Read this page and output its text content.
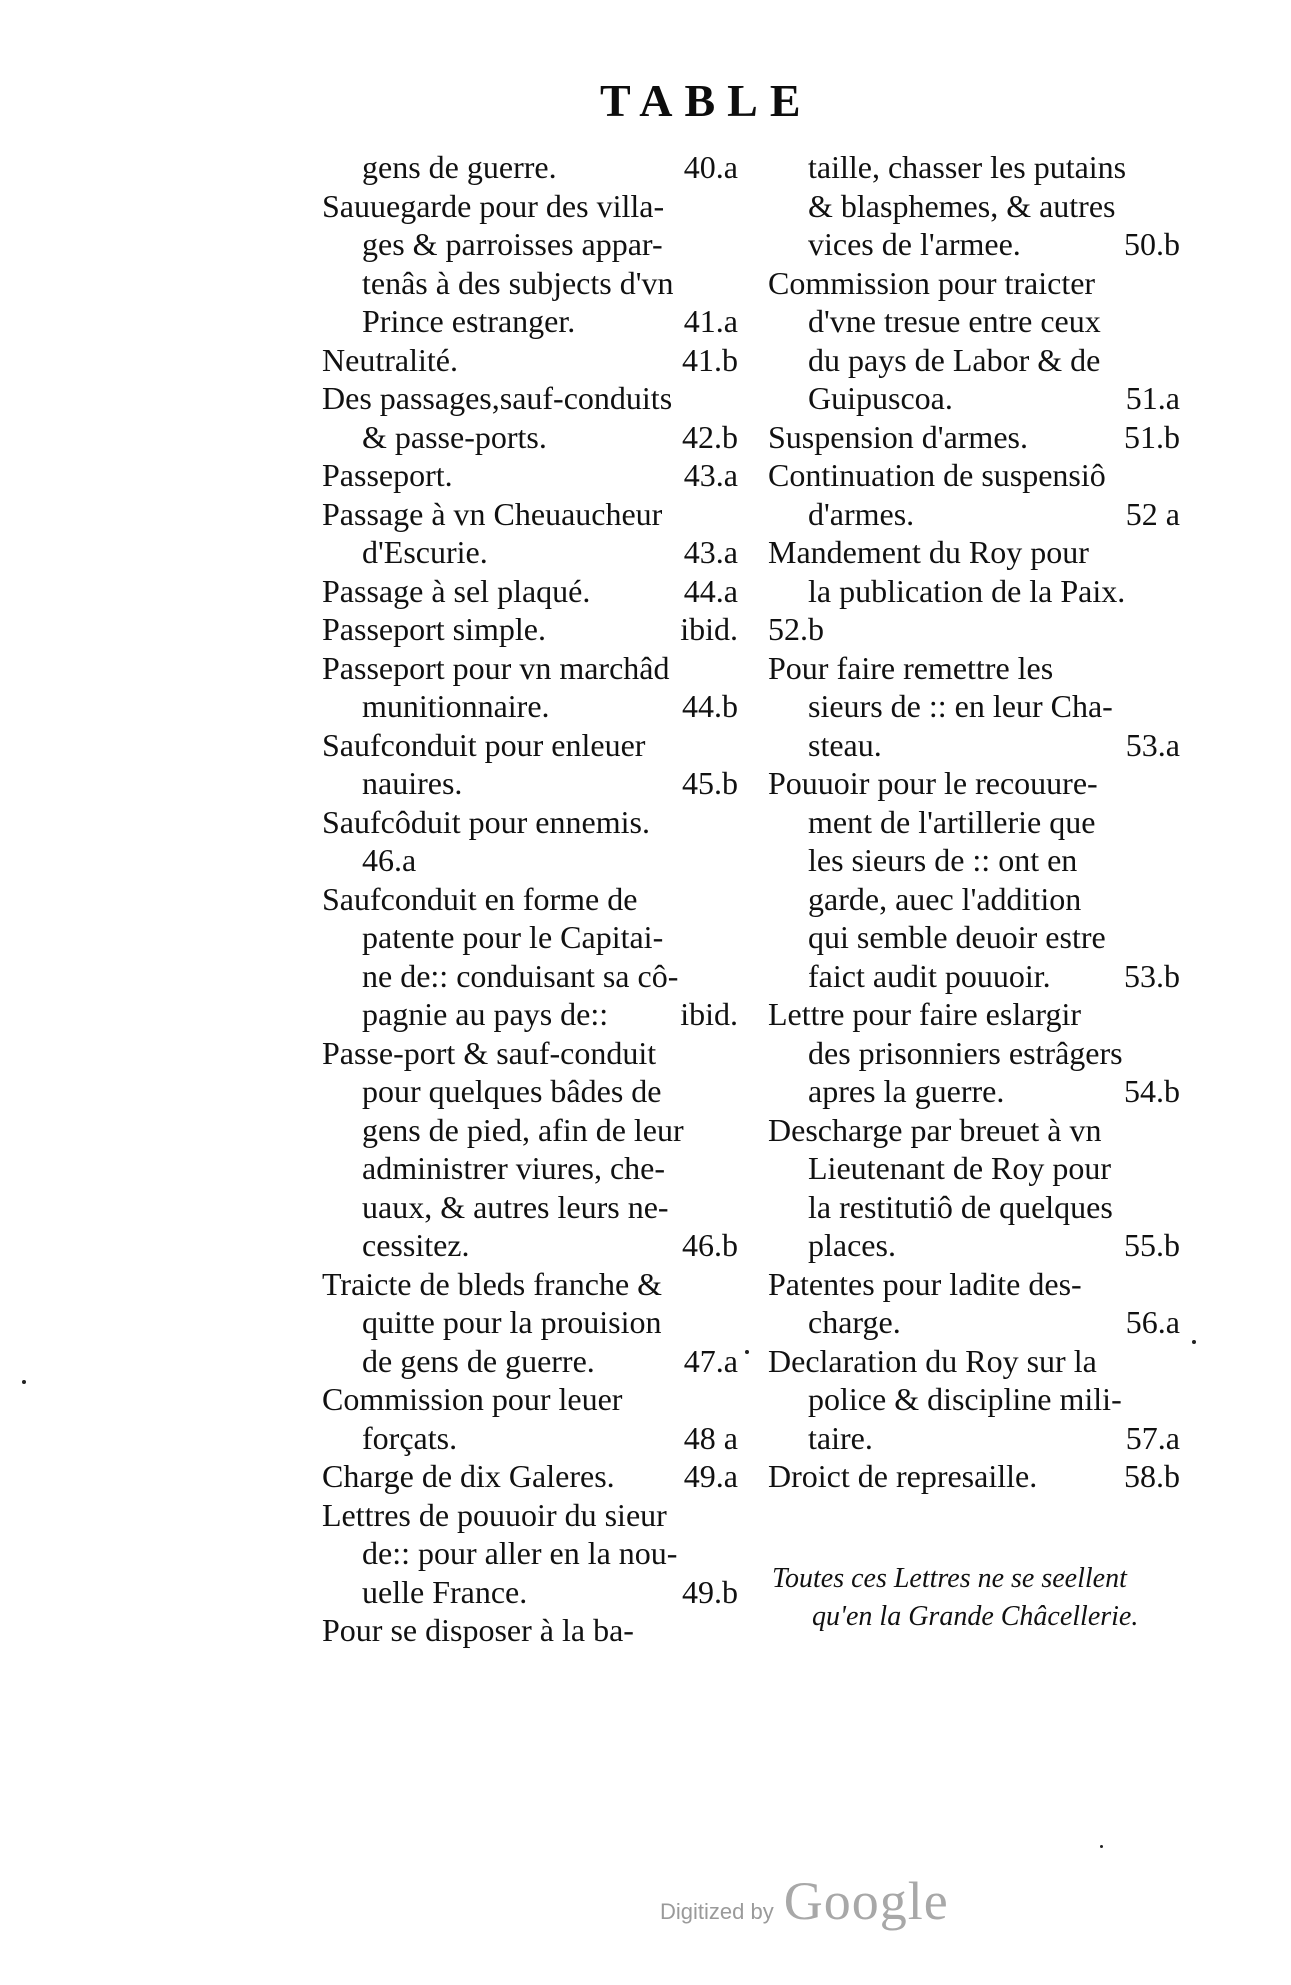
TABLE
gens de guerre.	40.a
Sauuegarde pour des villa-
ges & parroisses appar-
tenâs à des subjects d'vn
Prince estranger.	41.a
Neutralité.	41.b
Des passages,sauf-conduits
& passe-ports.	42.b
Passeport.	43.a
Passage à vn Cheuaucheur
d'Escurie.	43.a
Passage à sel plaqué.	44.a
Passeport simple.	ibid.
Passeport pour vn marchâd
munitionnaire.	44.b
Saufconduit pour enleuer
nauires.	45.b
Saufcôduit pour ennemis.
46.a
Saufconduit en forme de
patente pour le Capitai-
ne de:: conduisant sa cô-
pagnie au pays de::	ibid.
Passe-port & sauf-conduit
pour quelques bâdes de
gens de pied, afin de leur
administrer viures, che-
uaux, & autres leurs ne-
cessitez.	46.b
Traicte de bleds franche &
quitte pour la prouision
de gens de guerre.	47.a
Commission pour leuer
forçats.	48 a
Charge de dix Galeres.	49.a
Lettres de pouuoir du sieur
de:: pour aller en la nou-
uelle France.	49.b
Pour se disposer à la ba-
taille, chasser les putains
& blasphemes, & autres
vices de l'armee.	50.b
Commission pour traicter
d'vne tresue entre ceux
du pays de Labor & de
Guipuscoa.	51.a
Suspension d'armes.	51.b
Continuation de suspensiô
d'armes.	52 a
Mandement du Roy pour
la publication de la Paix.
52.b
Pour faire remettre les
sieurs de :: en leur Cha-
steau.	53.a
Pouuoir pour le recouure-
ment de l'artillerie que
les sieurs de :: ont en
garde, auec l'addition
qui semble deuoir estre
faict audit pouuoir.	53.b
Lettre pour faire eslargir
des prisonniers estrâgers
apres la guerre.	54.b
Descharge par breuet à vn
Lieutenant de Roy pour
la restitutiô de quelques
places.	55.b
Patentes pour ladite des-
charge.	56.a
Declaration du Roy sur la
police & discipline mili-
taire.	57.a
Droict de represaille.	58.b
Toutes ces Lettres ne se seellent
qu'en la Grande Châcellerie.
Digitized by Google
